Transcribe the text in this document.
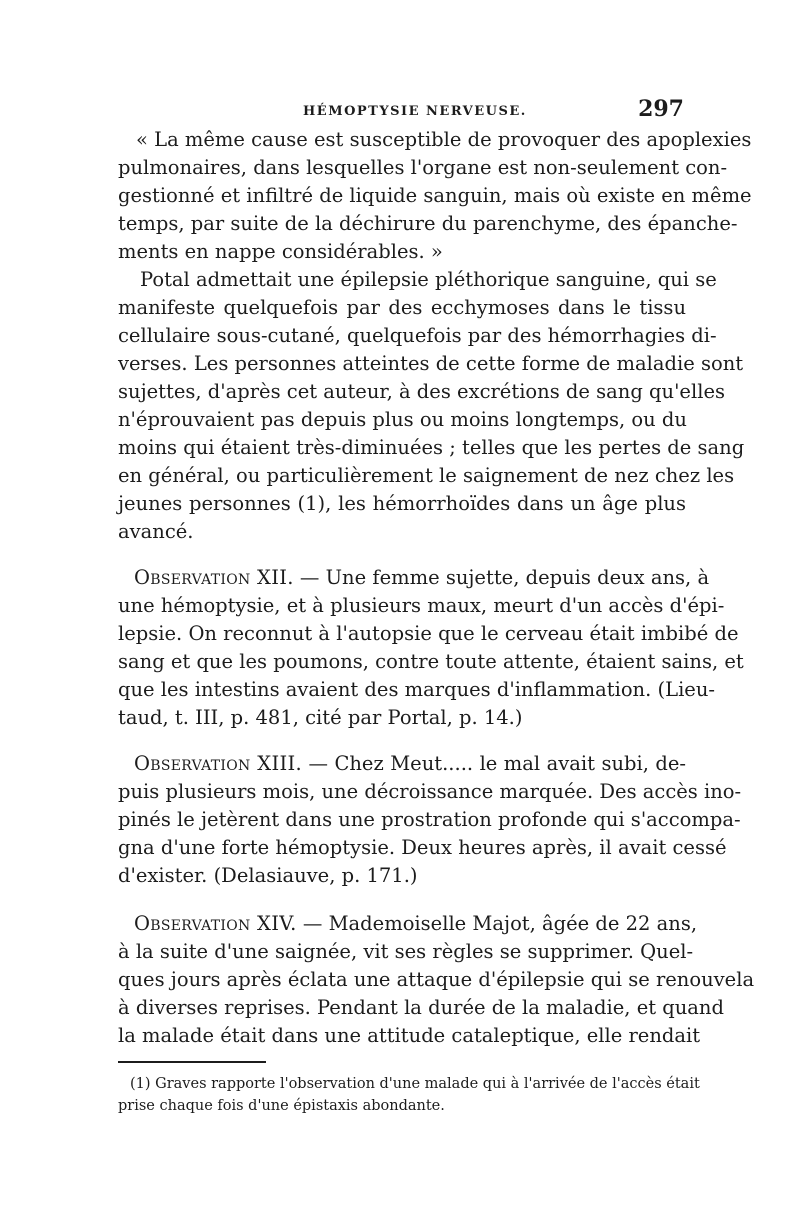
HÉMOPTYSIE NERVEUSE.	297
« La même cause est susceptible de provoquer des apoplexies
pulmonaires, dans lesquelles l'organe est non-seulement con-
gestionné et infiltré de liquide sanguin, mais où existe en même
temps, par suite de la déchirure du parenchyme, des épanche-
ments en nappe considérables. »
Potal admettait une épilepsie pléthorique sanguine, qui se
manifeste quelquefois par des ecchymoses dans le tissu
cellulaire sous-cutané, quelquefois par des hémorrhagies di-
verses. Les personnes atteintes de cette forme de maladie sont
sujettes, d'après cet auteur, à des excrétions de sang qu'elles
n'éprouvaient pas depuis plus ou moins longtemps, ou du
moins qui étaient très-diminuées ; telles que les pertes de sang
en général, ou particulièrement le saignement de nez chez les
jeunes personnes (1), les hémorrhoïdes dans un âge plus
avancé.
Observation XII. — Une femme sujette, depuis deux ans, à
une hémoptysie, et à plusieurs maux, meurt d'un accès d'épi-
lepsie. On reconnut à l'autopsie que le cerveau était imbibé de
sang et que les poumons, contre toute attente, étaient sains, et
que les intestins avaient des marques d'inflammation. (Lieu-
taud, t. III, p. 481, cité par Portal, p. 14.)
Observation XIII. — Chez Meut..... le mal avait subi, de-
puis plusieurs mois, une décroissance marquée. Des accès ino-
pinés le jetèrent dans une prostration profonde qui s'accompa-
gna d'une forte hémoptysie. Deux heures après, il avait cessé
d'exister. (Delasiauve, p. 171.)
Observation XIV. — Mademoiselle Majot, âgée de 22 ans,
à la suite d'une saignée, vit ses règles se supprimer. Quel-
ques jours après éclata une attaque d'épilepsie qui se renouvela
à diverses reprises. Pendant la durée de la maladie, et quand
la malade était dans une attitude cataleptique, elle rendait
(1) Graves rapporte l'observation d'une malade qui à l'arrivée de l'accès était
prise chaque fois d'une épistaxis abondante.
